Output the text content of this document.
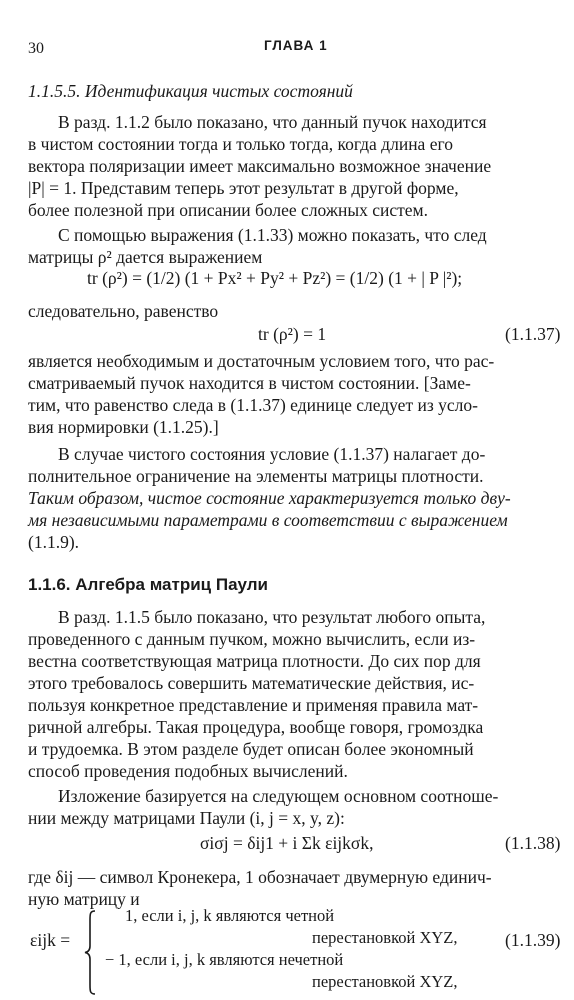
30	ГЛАВА 1
1.1.5.5. Идентификация чистых состояний
В разд. 1.1.2 было показано, что данный пучок находится
в чистом состоянии тогда и только тогда, когда длина его
вектора поляризации имеет максимально возможное значение
|P| = 1. Представим теперь этот результат в другой форме,
более полезной при описании более сложных систем.
С помощью выражения (1.1.33) можно показать, что след
матрицы ρ² дается выражением
tr (ρ²) = (1/2) (1 + Px² + Py² + Pz²) = (1/2) (1 + | P |²);
следовательно, равенство
tr (ρ²) = 1	(1.1.37)
является необходимым и достаточным условием того, что рас-
сматриваемый пучок находится в чистом состоянии. [Заме-
тим, что равенство следа в (1.1.37) единице следует из усло-
вия нормировки (1.1.25).]
В случае чистого состояния условие (1.1.37) налагает до-
полнительное ограничение на элементы матрицы плотности.
Таким образом, чистое состояние характеризуется только дву-
мя независимыми параметрами в соответствии с выражением
(1.1.9).
1.1.6. Алгебра матриц Паули
В разд. 1.1.5 было показано, что результат любого опыта,
проведенного с данным пучком, можно вычислить, если из-
вестна соответствующая матрица плотности. До сих пор для
этого требовалось совершить математические действия, ис-
пользуя конкретное представление и применяя правила мат-
ричной алгебры. Такая процедура, вообще говоря, громоздка
и трудоемка. В этом разделе будет описан более экономный
способ проведения подобных вычислений.
Изложение базируется на следующем основном соотноше-
нии между матрицами Паули (i, j = x, y, z):
σiσj = δij1 + i Σk εijkσk,	(1.1.38)
где δij — символ Кронекера, 1 обозначает двумерную единич-
ную матрицу и
εijk =
1, если i, j, k являются четной
перестановкой XYZ,
− 1, если i, j, k являются нечетной
перестановкой XYZ,
(1.1.39)
